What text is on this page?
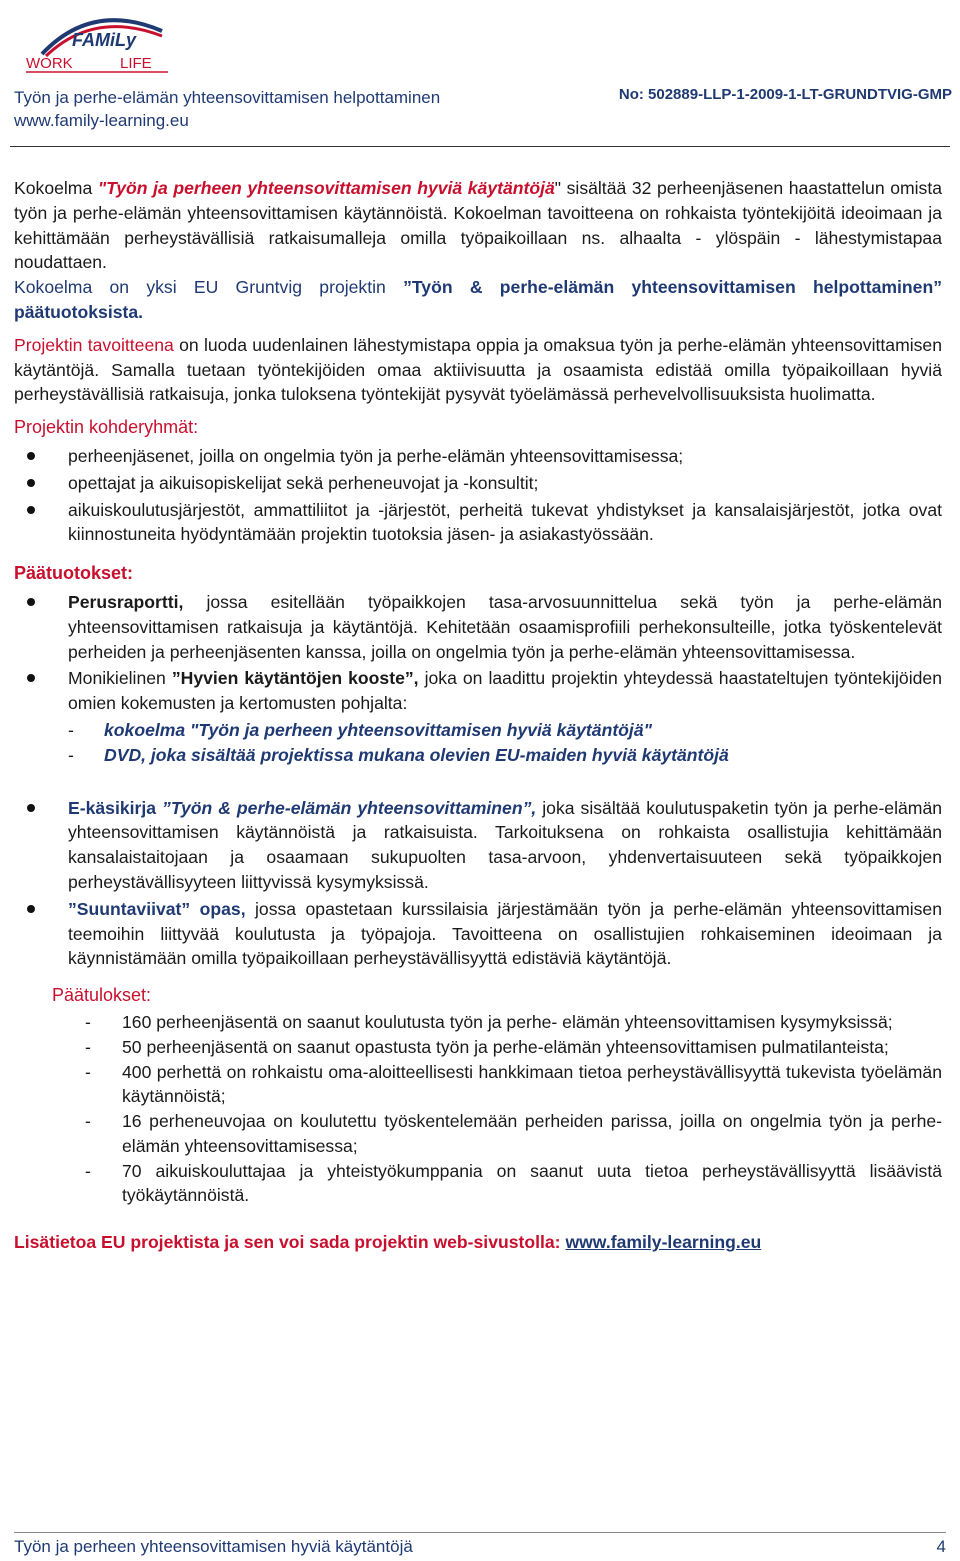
FAMiLy
WORK	LIFE
Työn ja perhe-elämän yhteensovittamisen helpottaminen
www.family-learning.eu
No: 502889-LLP-1-2009-1-LT-GRUNDTVIG-GMP

Kokoelma "Työn ja perheen yhteensovittamisen hyviä käytäntöjä" sisältää 32 perheenjäsenen haastattelun omista työn ja perhe-elämän yhteensovittamisen käytännöistä. Kokoelman tavoitteena on rohkaista työntekijöitä ideoimaan ja kehittämään perheystävällisiä ratkaisumalleja omilla työpaikoillaan ns. alhaalta - ylöspäin - lähestymistapaa noudattaen.

Kokoelma on yksi EU Gruntvig projektin ”Työn & perhe-elämän yhteensovittamisen helpottaminen” päätuotoksista.

Projektin tavoitteena on luoda uudenlainen lähestymistapa oppia ja omaksua työn ja perhe-elämän yhteensovittamisen käytäntöjä. Samalla tuetaan työntekijöiden omaa aktiivisuutta ja osaamista edistää omilla työpaikoillaan hyviä perheystävällisiä ratkaisuja, jonka tuloksena työntekijät pysyvät työelämässä perhevelvollisuuksista huolimatta.

Projektin kohderyhmät:
perheenjäsenet, joilla on ongelmia työn ja perhe-elämän yhteensovittamisessa;
opettajat ja aikuisopiskelijat sekä perheneuvojat ja -konsultit;
aikuiskoulutusjärjestöt, ammattiliitot ja -järjestöt, perheitä tukevat yhdistykset ja kansalaisjärjestöt, jotka ovat kiinnostuneita hyödyntämään projektin tuotoksia jäsen- ja asiakastyössään.
Päätuotokset:
Perusraportti, jossa esitellään työpaikkojen tasa-arvosuunnittelua sekä työn ja perhe-elämän yhteensovittamisen ratkaisuja ja käytäntöjä. Kehitetään osaamisprofiili perhekonsulteille, jotka työskentelevät perheiden ja perheenjäsenten kanssa, joilla on ongelmia työn ja perhe-elämän yhteensovittamisessa.
Monikielinen ”Hyvien käytäntöjen kooste”, joka on laadittu projektin yhteydessä haastateltujen työntekijöiden omien kokemusten ja kertomusten pohjalta:
- kokoelma "Työn ja perheen yhteensovittamisen hyviä käytäntöjä"
- DVD, joka sisältää projektissa mukana olevien EU-maiden hyviä käytäntöjä
E-käsikirja ”Työn & perhe-elämän yhteensovittaminen”, joka sisältää koulutuspaketin työn ja perhe-elämän yhteensovittamisen käytännöistä ja ratkaisuista. Tarkoituksena on rohkaista osallistujia kehittämään kansalaistaitojaan ja osaamaan sukupuolten tasa-arvoon, yhdenvertaisuuteen sekä työpaikkojen perheystävällisyyteen liittyvissä kysymyksissä.
”Suuntaviivat” opas, jossa opastetaan kurssilaisia järjestämään työn ja perhe-elämän yhteensovittamisen teemoihin liittyvää koulutusta ja työpajoja. Tavoitteena on osallistujien rohkaiseminen ideoimaan ja käynnistämään omilla työpaikoillaan perheystävällisyyttä edistäviä käytäntöjä.
Päätulokset:
- 160 perheenjäsentä on saanut koulutusta työn ja perhe- elämän yhteensovittamisen kysymyksissä;
- 50 perheenjäsentä on saanut opastusta työn ja perhe-elämän yhteensovittamisen pulmatilanteista;
- 400 perhettä on rohkaistu oma-aloitteellisesti hankkimaan tietoa perheystävällisyyttä tukevista työelämän käytännöistä;
- 16 perheneuvojaa on koulutettu työskentelemään perheiden parissa, joilla on ongelmia työn ja perhe-elämän yhteensovittamisessa;
- 70 aikuiskouluttajaa ja yhteistyökumppania on saanut uuta tietoa perheystävällisyyttä lisäävistä työkäytännöistä.
Lisätietoa EU projektista ja sen voi sada projektin web-sivustolla: www.family-learning.eu
Työn ja perheen yhteensovittamisen hyviä käytäntöjä	4
